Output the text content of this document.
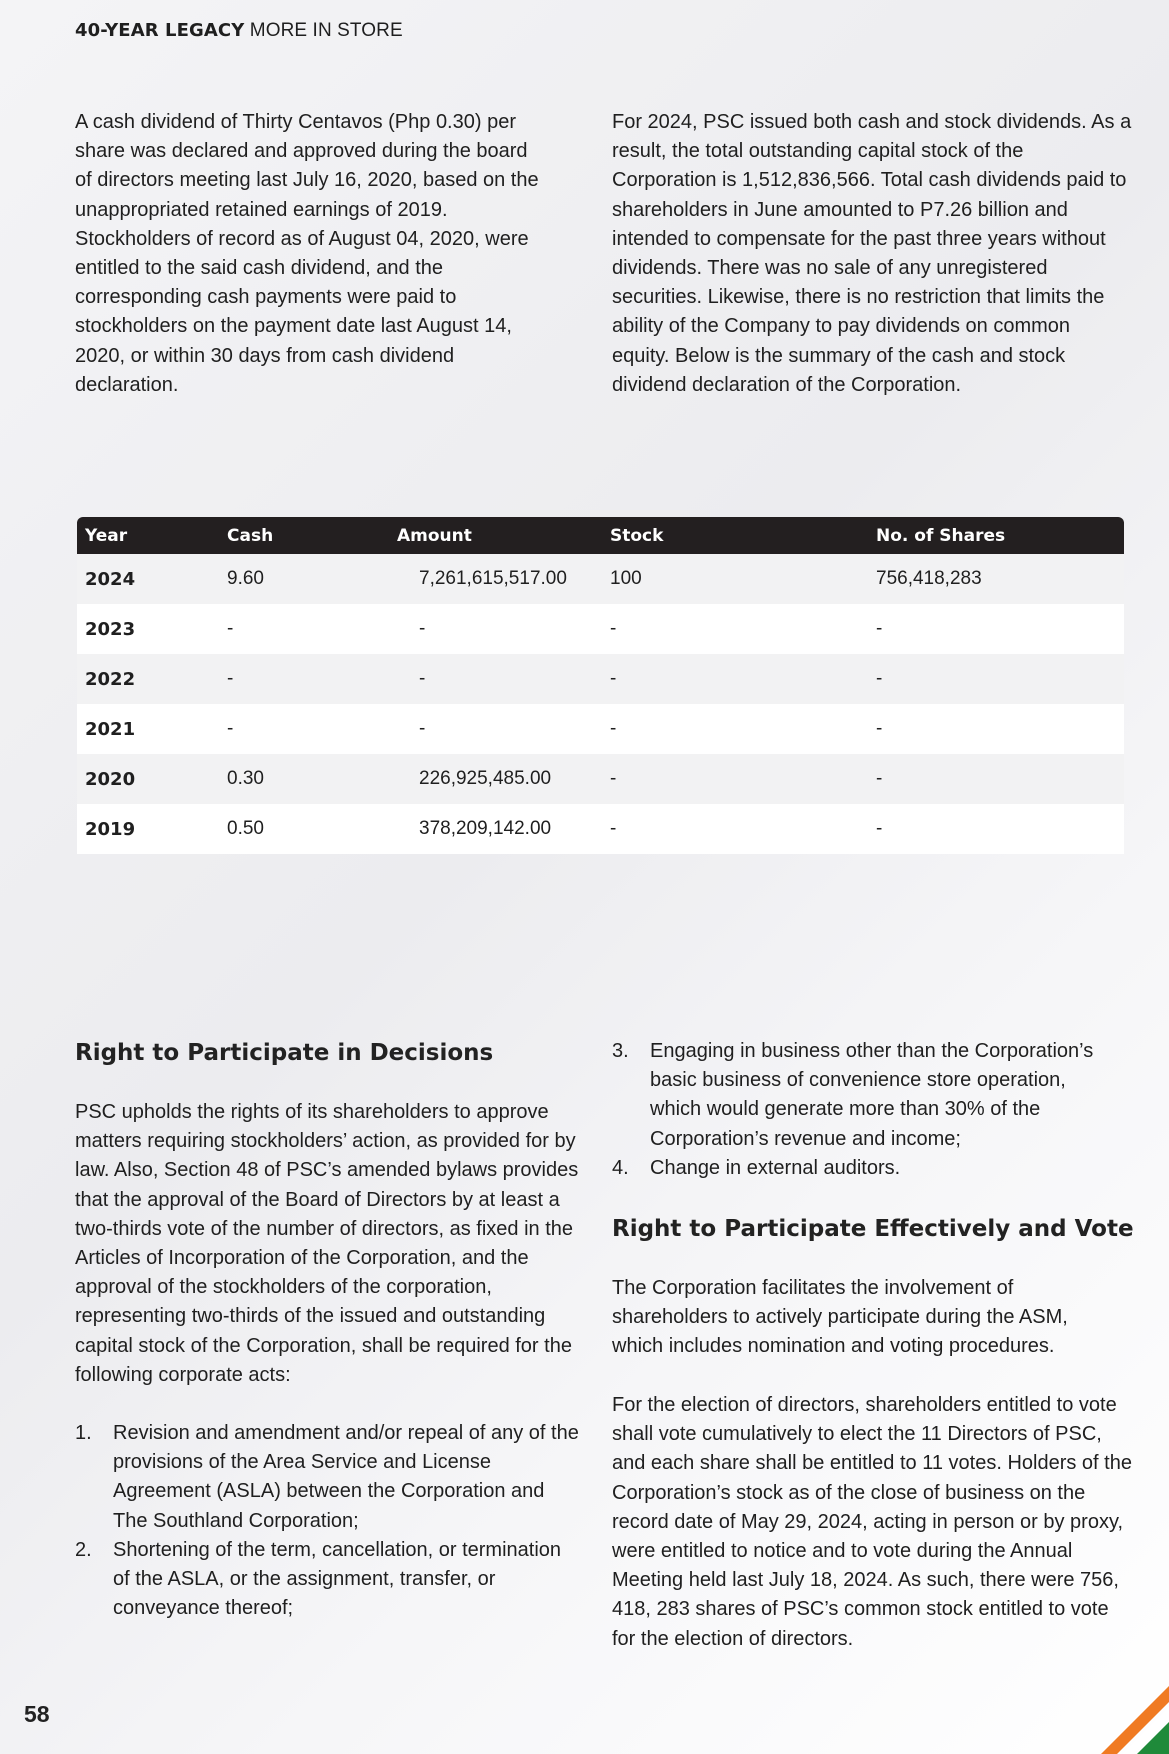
40-YEAR LEGACY MORE IN STORE

A cash dividend of Thirty Centavos (Php 0.30) per share was declared and approved during the board of directors meeting last July 16, 2020, based on the unappropriated retained earnings of 2019. Stockholders of record as of August 04, 2020, were entitled to the said cash dividend, and the corresponding cash payments were paid to stockholders on the payment date last August 14, 2020, or within 30 days from cash dividend declaration.

For 2024, PSC issued both cash and stock dividends. As a result, the total outstanding capital stock of the Corporation is 1,512,836,566. Total cash dividends paid to shareholders in June amounted to P7.26 billion and intended to compensate for the past three years without dividends. There was no sale of any unregistered securities. Likewise, there is no restriction that limits the ability of the Company to pay dividends on common equity. Below is the summary of the cash and stock dividend declaration of the Corporation.

Year	Cash	Amount	Stock	No. of Shares
2024	9.60	7,261,615,517.00	100	756,418,283
2023	-	-	-	-
2022	-	-	-	-
2021	-	-	-	-
2020	0.30	226,925,485.00	-	-
2019	0.50	378,209,142.00	-	-
Right to Participate in Decisions

PSC upholds the rights of its shareholders to approve matters requiring stockholders’ action, as provided for by law. Also, Section 48 of PSC’s amended bylaws provides that the approval of the Board of Directors by at least a two-thirds vote of the number of directors, as fixed in the Articles of Incorporation of the Corporation, and the approval of the stockholders of the corporation, representing two-thirds of the issued and outstanding capital stock of the Corporation, shall be required for the following corporate acts:

1. Revision and amendment and/or repeal of any of the provisions of the Area Service and License Agreement (ASLA) between the Corporation and The Southland Corporation;
2. Shortening of the term, cancellation, or termination of the ASLA, or the assignment, transfer, or conveyance thereof;
3. Engaging in business other than the Corporation’s basic business of convenience store operation, which would generate more than 30% of the Corporation’s revenue and income;
4. Change in external auditors.
Right to Participate Effectively and Vote

The Corporation facilitates the involvement of shareholders to actively participate during the ASM, which includes nomination and voting procedures.

For the election of directors, shareholders entitled to vote shall vote cumulatively to elect the 11 Directors of PSC, and each share shall be entitled to 11 votes. Holders of the Corporation’s stock as of the close of business on the record date of May 29, 2024, acting in person or by proxy, were entitled to notice and to vote during the Annual Meeting held last July 18, 2024. As such, there were 756, 418, 283 shares of PSC’s common stock entitled to vote for the election of directors.

58
